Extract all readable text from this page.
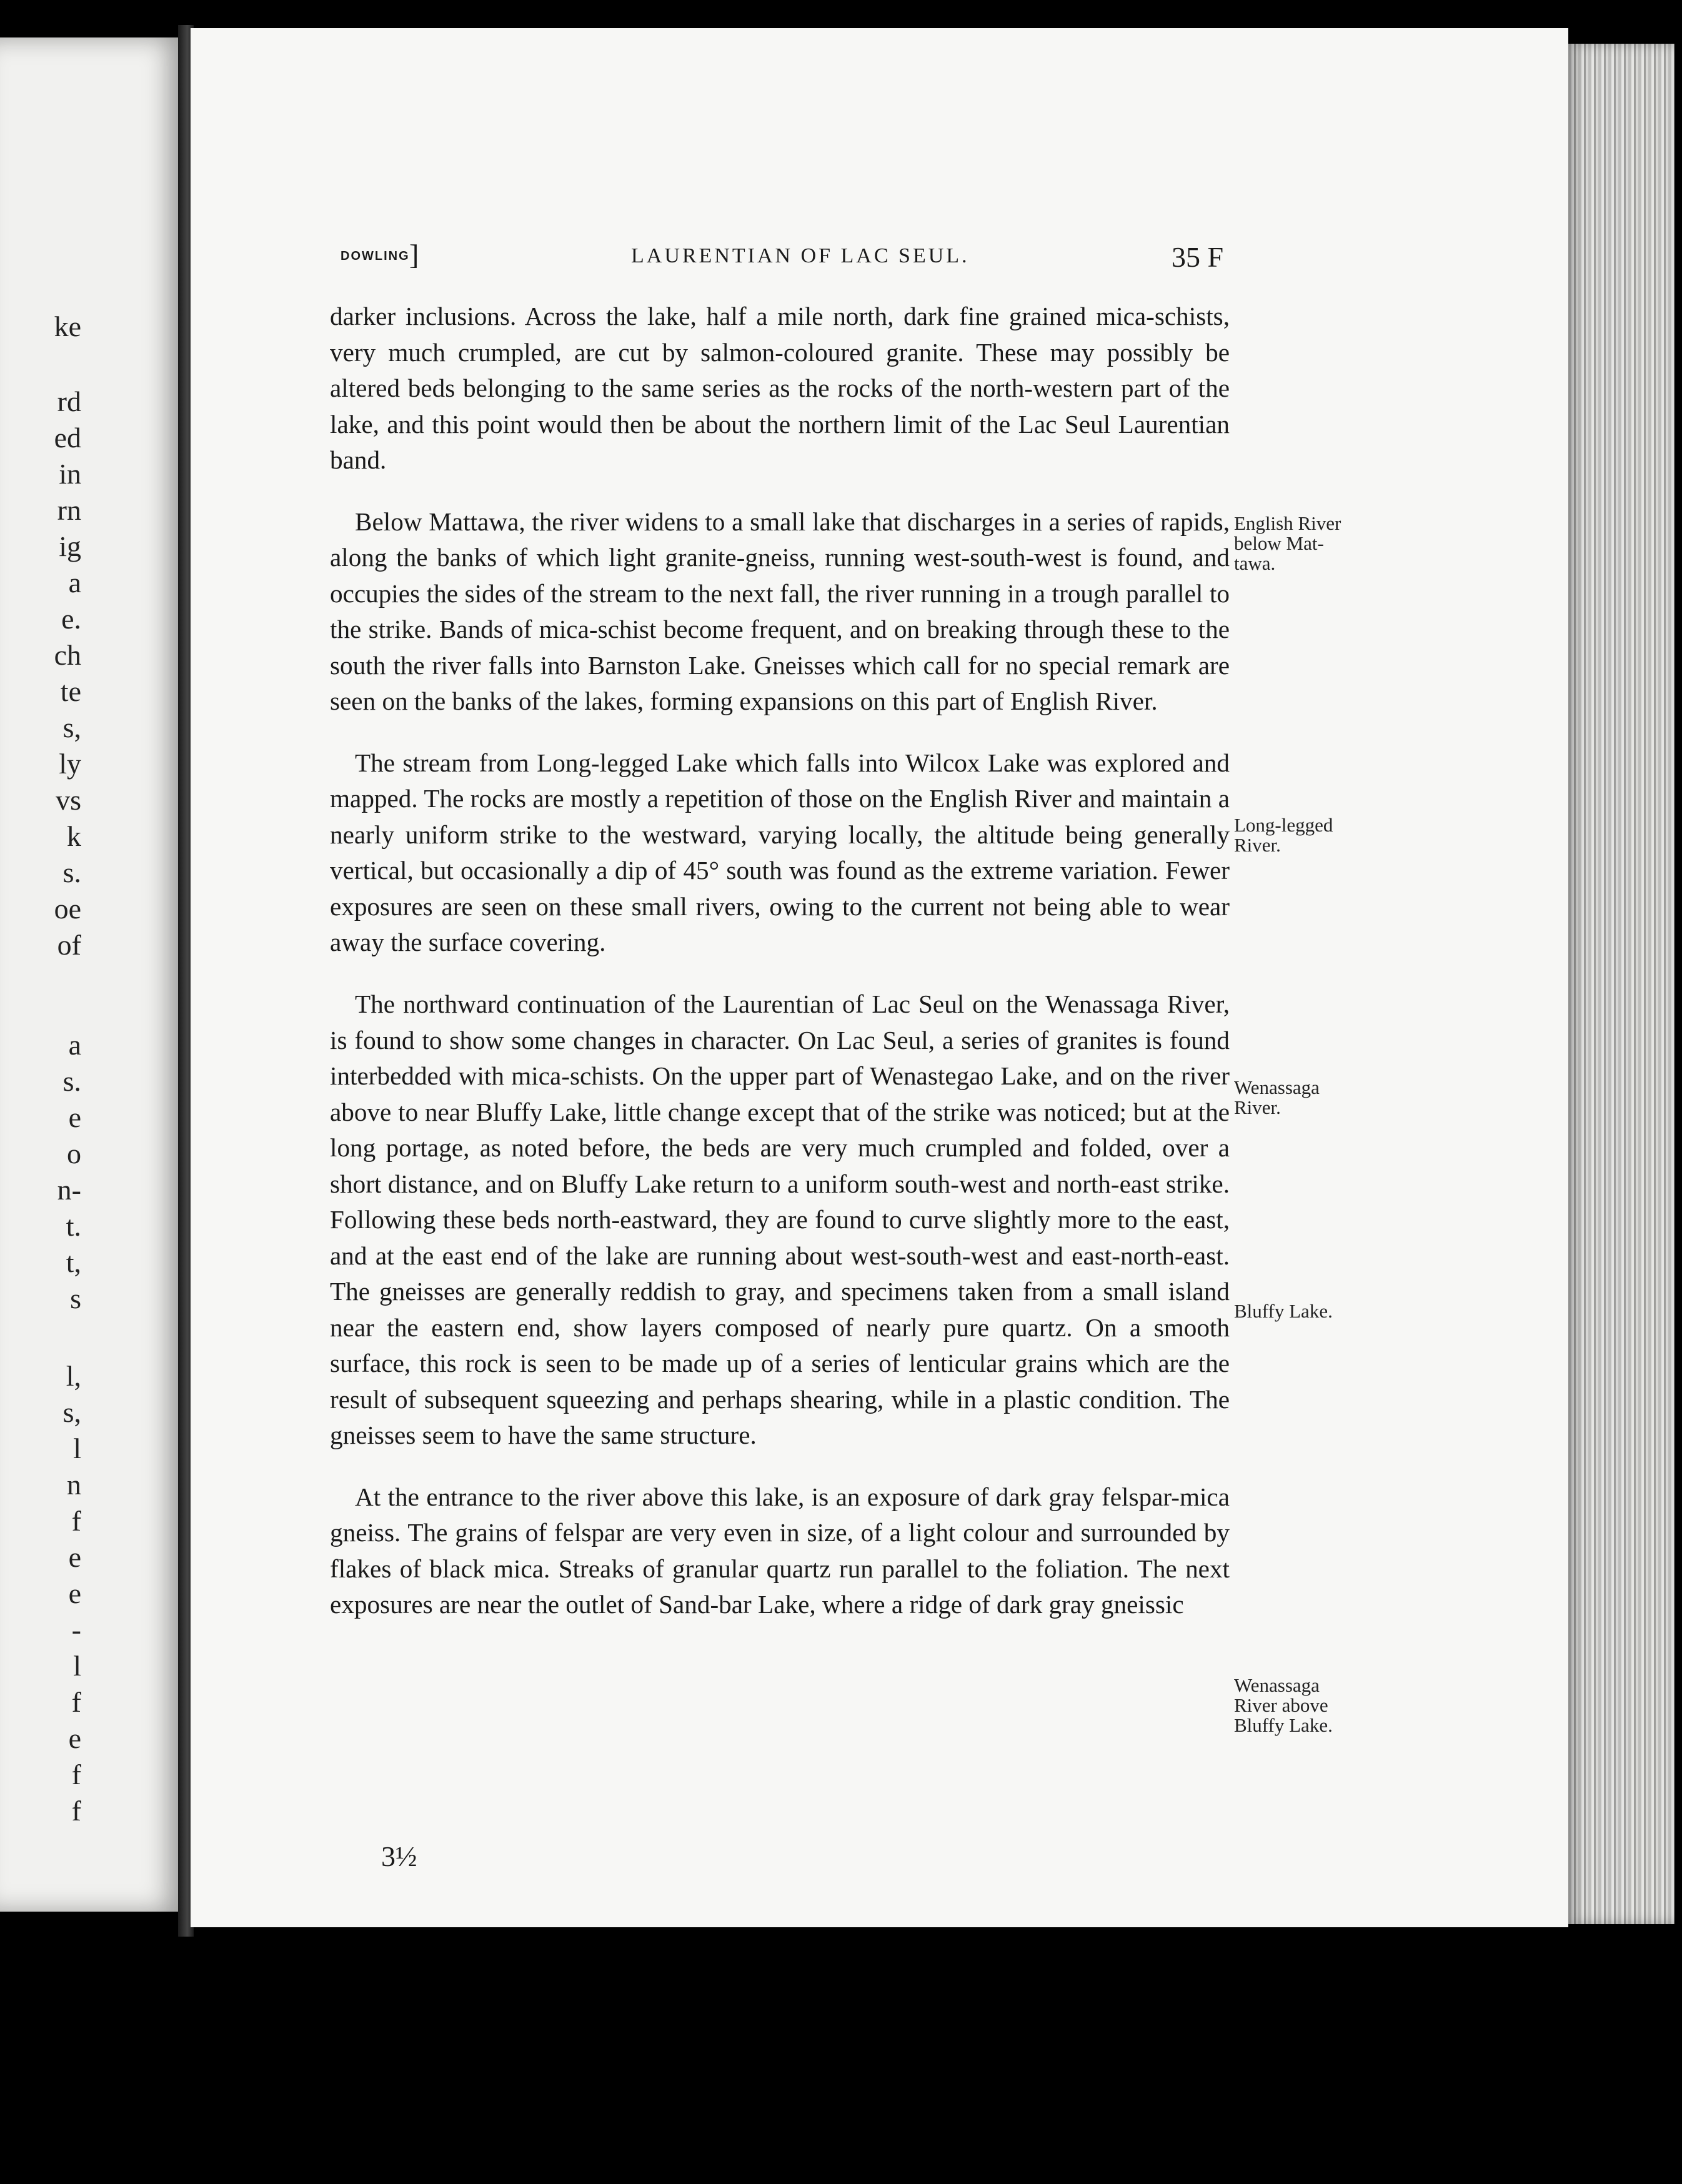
ke
rd
ed
in
rn
ig
a
e.
ch
te
s,
ly
vs
k
s.
oe
of
a
s.
e
o
n-
t.
t,
s
l,
s,
l
n
f
e
e
-
l
f
e
f
f
DOWLING ]	LAURENTIAN OF LAC SEUL.	35 F

darker inclusions. Across the lake, half a mile north, dark fine grained mica-schists, very much crumpled, are cut by salmon-coloured granite. These may possibly be altered beds belonging to the same series as the rocks of the north-western part of the lake, and this point would then be about the northern limit of the Lac Seul Laurentian band.

Below Mattawa, the river widens to a small lake that discharges in a series of rapids, along the banks of which light granite-gneiss, running west-south-west is found, and occupies the sides of the stream to the next fall, the river running in a trough parallel to the strike. Bands of mica-schist become frequent, and on breaking through these to the south the river falls into Barnston Lake. Gneisses which call for no special remark are seen on the banks of the lakes, forming expansions on this part of English River.

The stream from Long-legged Lake which falls into Wilcox Lake was explored and mapped. The rocks are mostly a repetition of those on the English River and maintain a nearly uniform strike to the westward, varying locally, the altitude being generally vertical, but occasionally a dip of 45° south was found as the extreme variation. Fewer exposures are seen on these small rivers, owing to the current not being able to wear away the surface covering.

The northward continuation of the Laurentian of Lac Seul on the Wenassaga River, is found to show some changes in character. On Lac Seul, a series of granites is found interbedded with mica-schists. On the upper part of Wenastegao Lake, and on the river above to near Bluffy Lake, little change except that of the strike was noticed; but at the long portage, as noted before, the beds are very much crumpled and folded, over a short distance, and on Bluffy Lake return to a uniform south-west and north-east strike. Following these beds north-eastward, they are found to curve slightly more to the east, and at the east end of the lake are running about west-south-west and east-north-east. The gneisses are generally reddish to gray, and specimens taken from a small island near the eastern end, show layers composed of nearly pure quartz. On a smooth surface, this rock is seen to be made up of a series of lenticular grains which are the result of subsequent squeezing and perhaps shearing, while in a plastic condition. The gneisses seem to have the same structure.

At the entrance to the river above this lake, is an exposure of dark gray felspar-mica gneiss. The grains of felspar are very even in size, of a light colour and surrounded by flakes of black mica. Streaks of granular quartz run parallel to the foliation. The next exposures are near the outlet of Sand-bar Lake, where a ridge of dark gray gneissic

English River
below Mat-
tawa.
Long-legged
River.
Wenassaga
River.
Bluffy Lake.
Wenassaga
River above
Bluffy Lake.
3½
